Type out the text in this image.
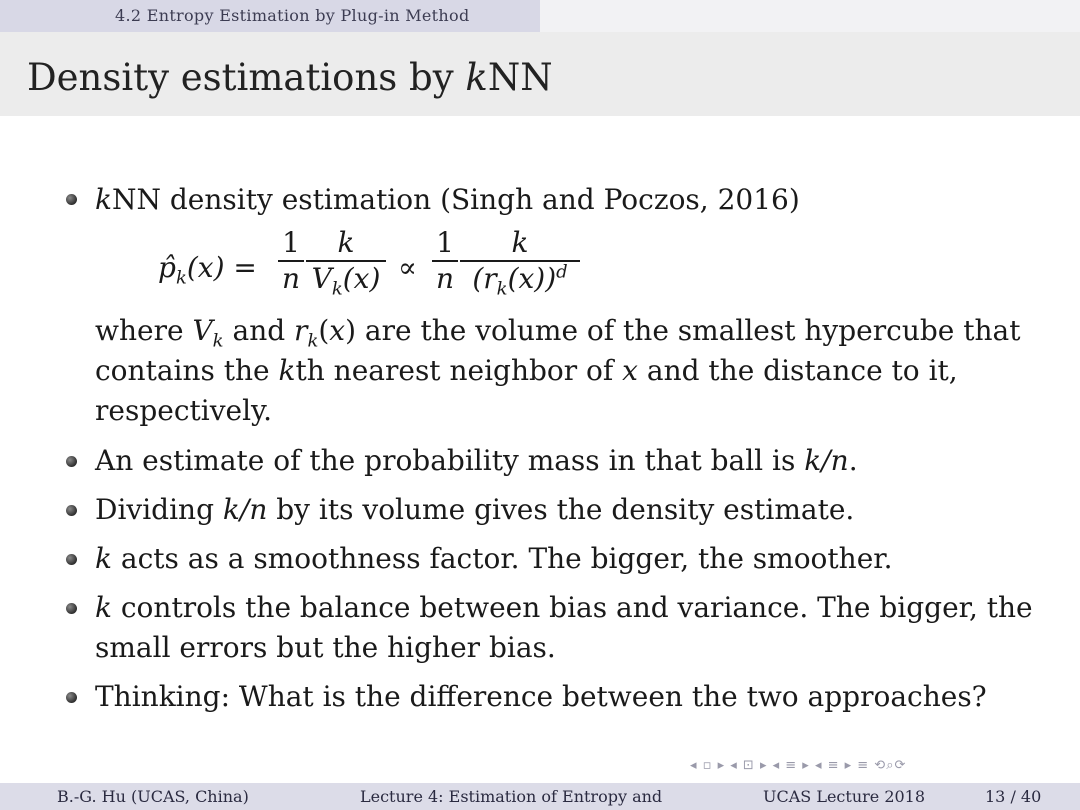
4.2 Entropy Estimation by Plug-in Method
Density estimations by kNN
kNN density estimation (Singh and Poczos, 2016)
$p̂_k(x)$ =
1
n
k
$V_k(x)$ ∝
1
n
k
$(r_k(x))^d$
where $V_k$ and $r_k(x)$ are the volume of the smallest hypercube that
contains the kth nearest neighbor of x and the distance to it,
respectively.
An estimate of the probability mass in that ball is k/n.
Dividing k/n by its volume gives the density estimate.
k acts as a smoothness factor. The bigger, the smoother.
k controls the balance between bias and variance. The bigger, the
small errors but the higher bias.
Thinking: What is the difference between the two approaches?
◂ ▫ ▸ ◂ ⊡ ▸ ◂ ≡ ▸ ◂ ≡ ▸ ≡ ⟲⌕⟳
B.-G. Hu (UCAS, China)	Lecture 4: Estimation of Entropy and	UCAS Lecture 2018	13 / 40
